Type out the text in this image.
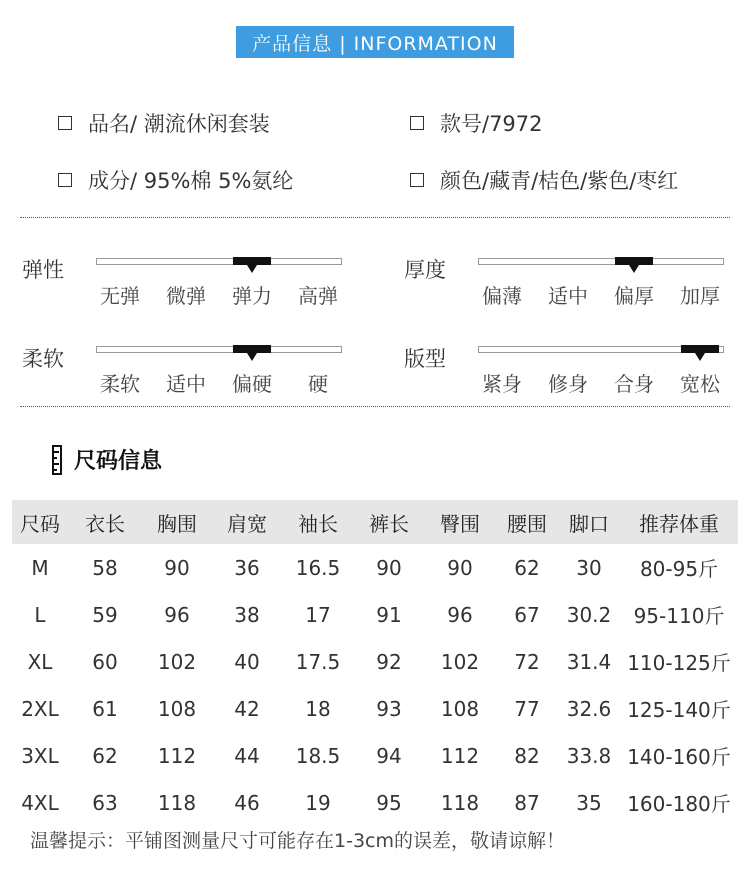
产品信息 | INFORMATION
品名/ 潮流休闲套装	款号/7972
成分/ 95%棉 5%氨纶	颜色/藏青/桔色/紫色/枣红
弹性
无弹	微弹	弹力	高弹
厚度
偏薄	适中	偏厚	加厚
柔软
柔软	适中	偏硬	硬
版型
紧身	修身	合身	宽松
尺码信息
尺码	衣长	胸围	肩宽	袖长	裤长	臀围	腰围	脚口	推荐体重
M	58	90	36	16.5	90	90	62	30	80-95斤
L	59	96	38	17	91	96	67	30.2	95-110斤
XL	60	102	40	17.5	92	102	72	31.4 110-125斤
2XL	61	108	42	18	93	108	77	32.6 125-140斤
3XL	62	112	44	18.5	94	112	82	33.8 140-160斤
4XL	63	118	46	19	95	118	87	35	160-180斤
温馨提示：平铺图测量尺寸可能存在1-3cm的误差，敬请谅解！
